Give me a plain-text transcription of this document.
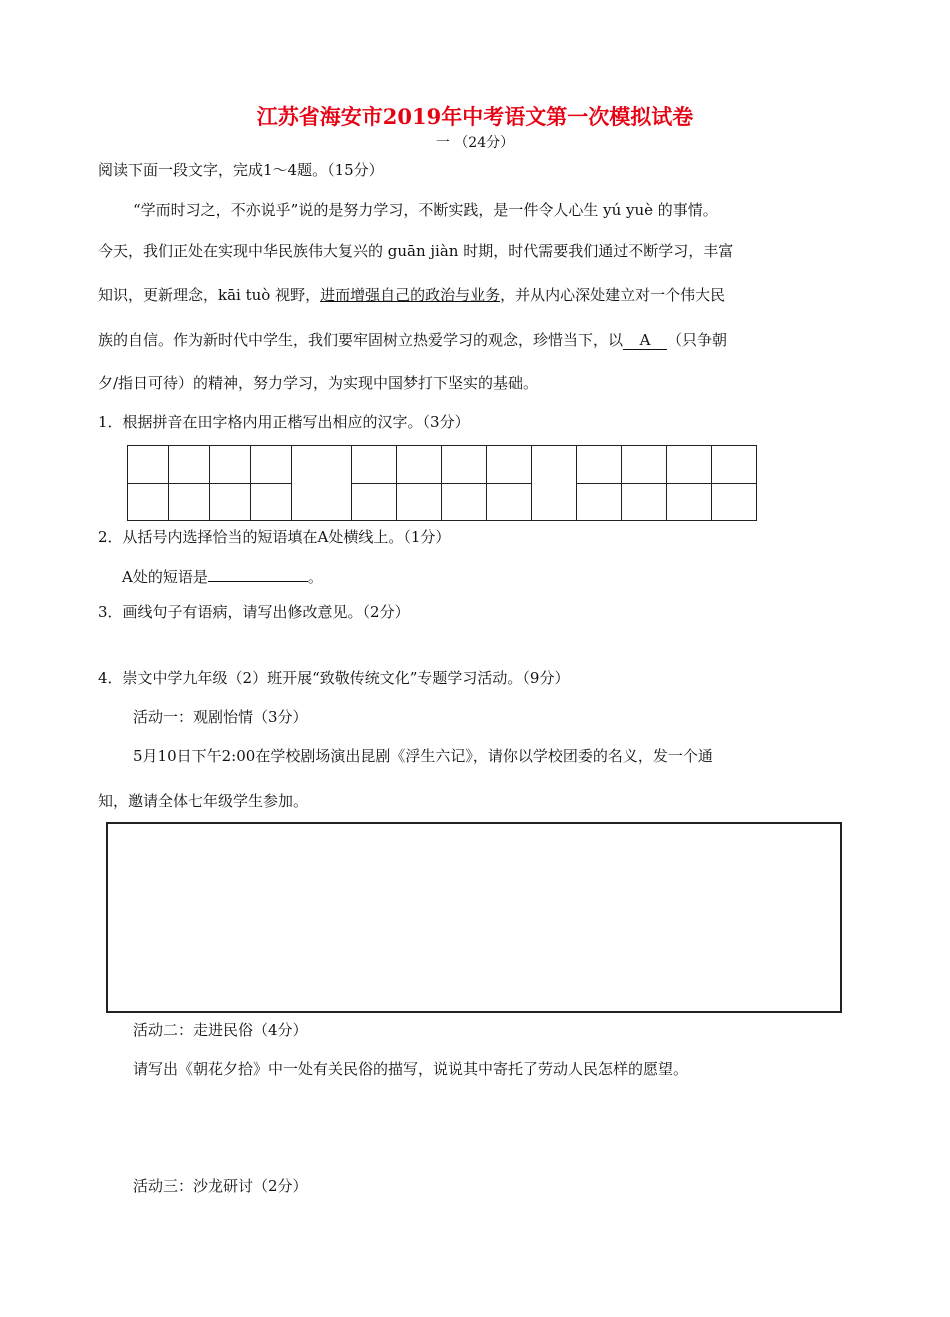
江苏省海安市2019年中考语文第一次模拟试卷
一 （24分）
阅读下面一段文字，完成1～4题。（15分）
“学而时习之，不亦说乎”说的是努力学习，不断实践，是一件令人心生 yú yuè 的事情。
今天，我们正处在实现中华民族伟大复兴的 guān jiàn 时期，时代需要我们通过不断学习，丰富
知识，更新理念，kāi tuò 视野，进而增强自己的政治与业务，并从内心深处建立对一个伟大民
族的自信。作为新时代中学生，我们要牢固树立热爱学习的观念，珍惜当下，以 A （只争朝
夕/指日可待）的精神，努力学习，为实现中国梦打下坚实的基础。
1．根据拼音在田字格内用正楷写出相应的汉字。（3分）
2．从括号内选择恰当的短语填在A处横线上。（1分）
A处的短语是	。
3．画线句子有语病，请写出修改意见。（2分）
4．崇文中学九年级（2）班开展“致敬传统文化”专题学习活动。（9分）
活动一：观剧怡情（3分）
5月10日下午2:00在学校剧场演出昆剧《浮生六记》，请你以学校团委的名义，发一个通
知，邀请全体七年级学生参加。
活动二：走进民俗（4分）
请写出《朝花夕拾》中一处有关民俗的描写，说说其中寄托了劳动人民怎样的愿望。
活动三：沙龙研讨（2分）
